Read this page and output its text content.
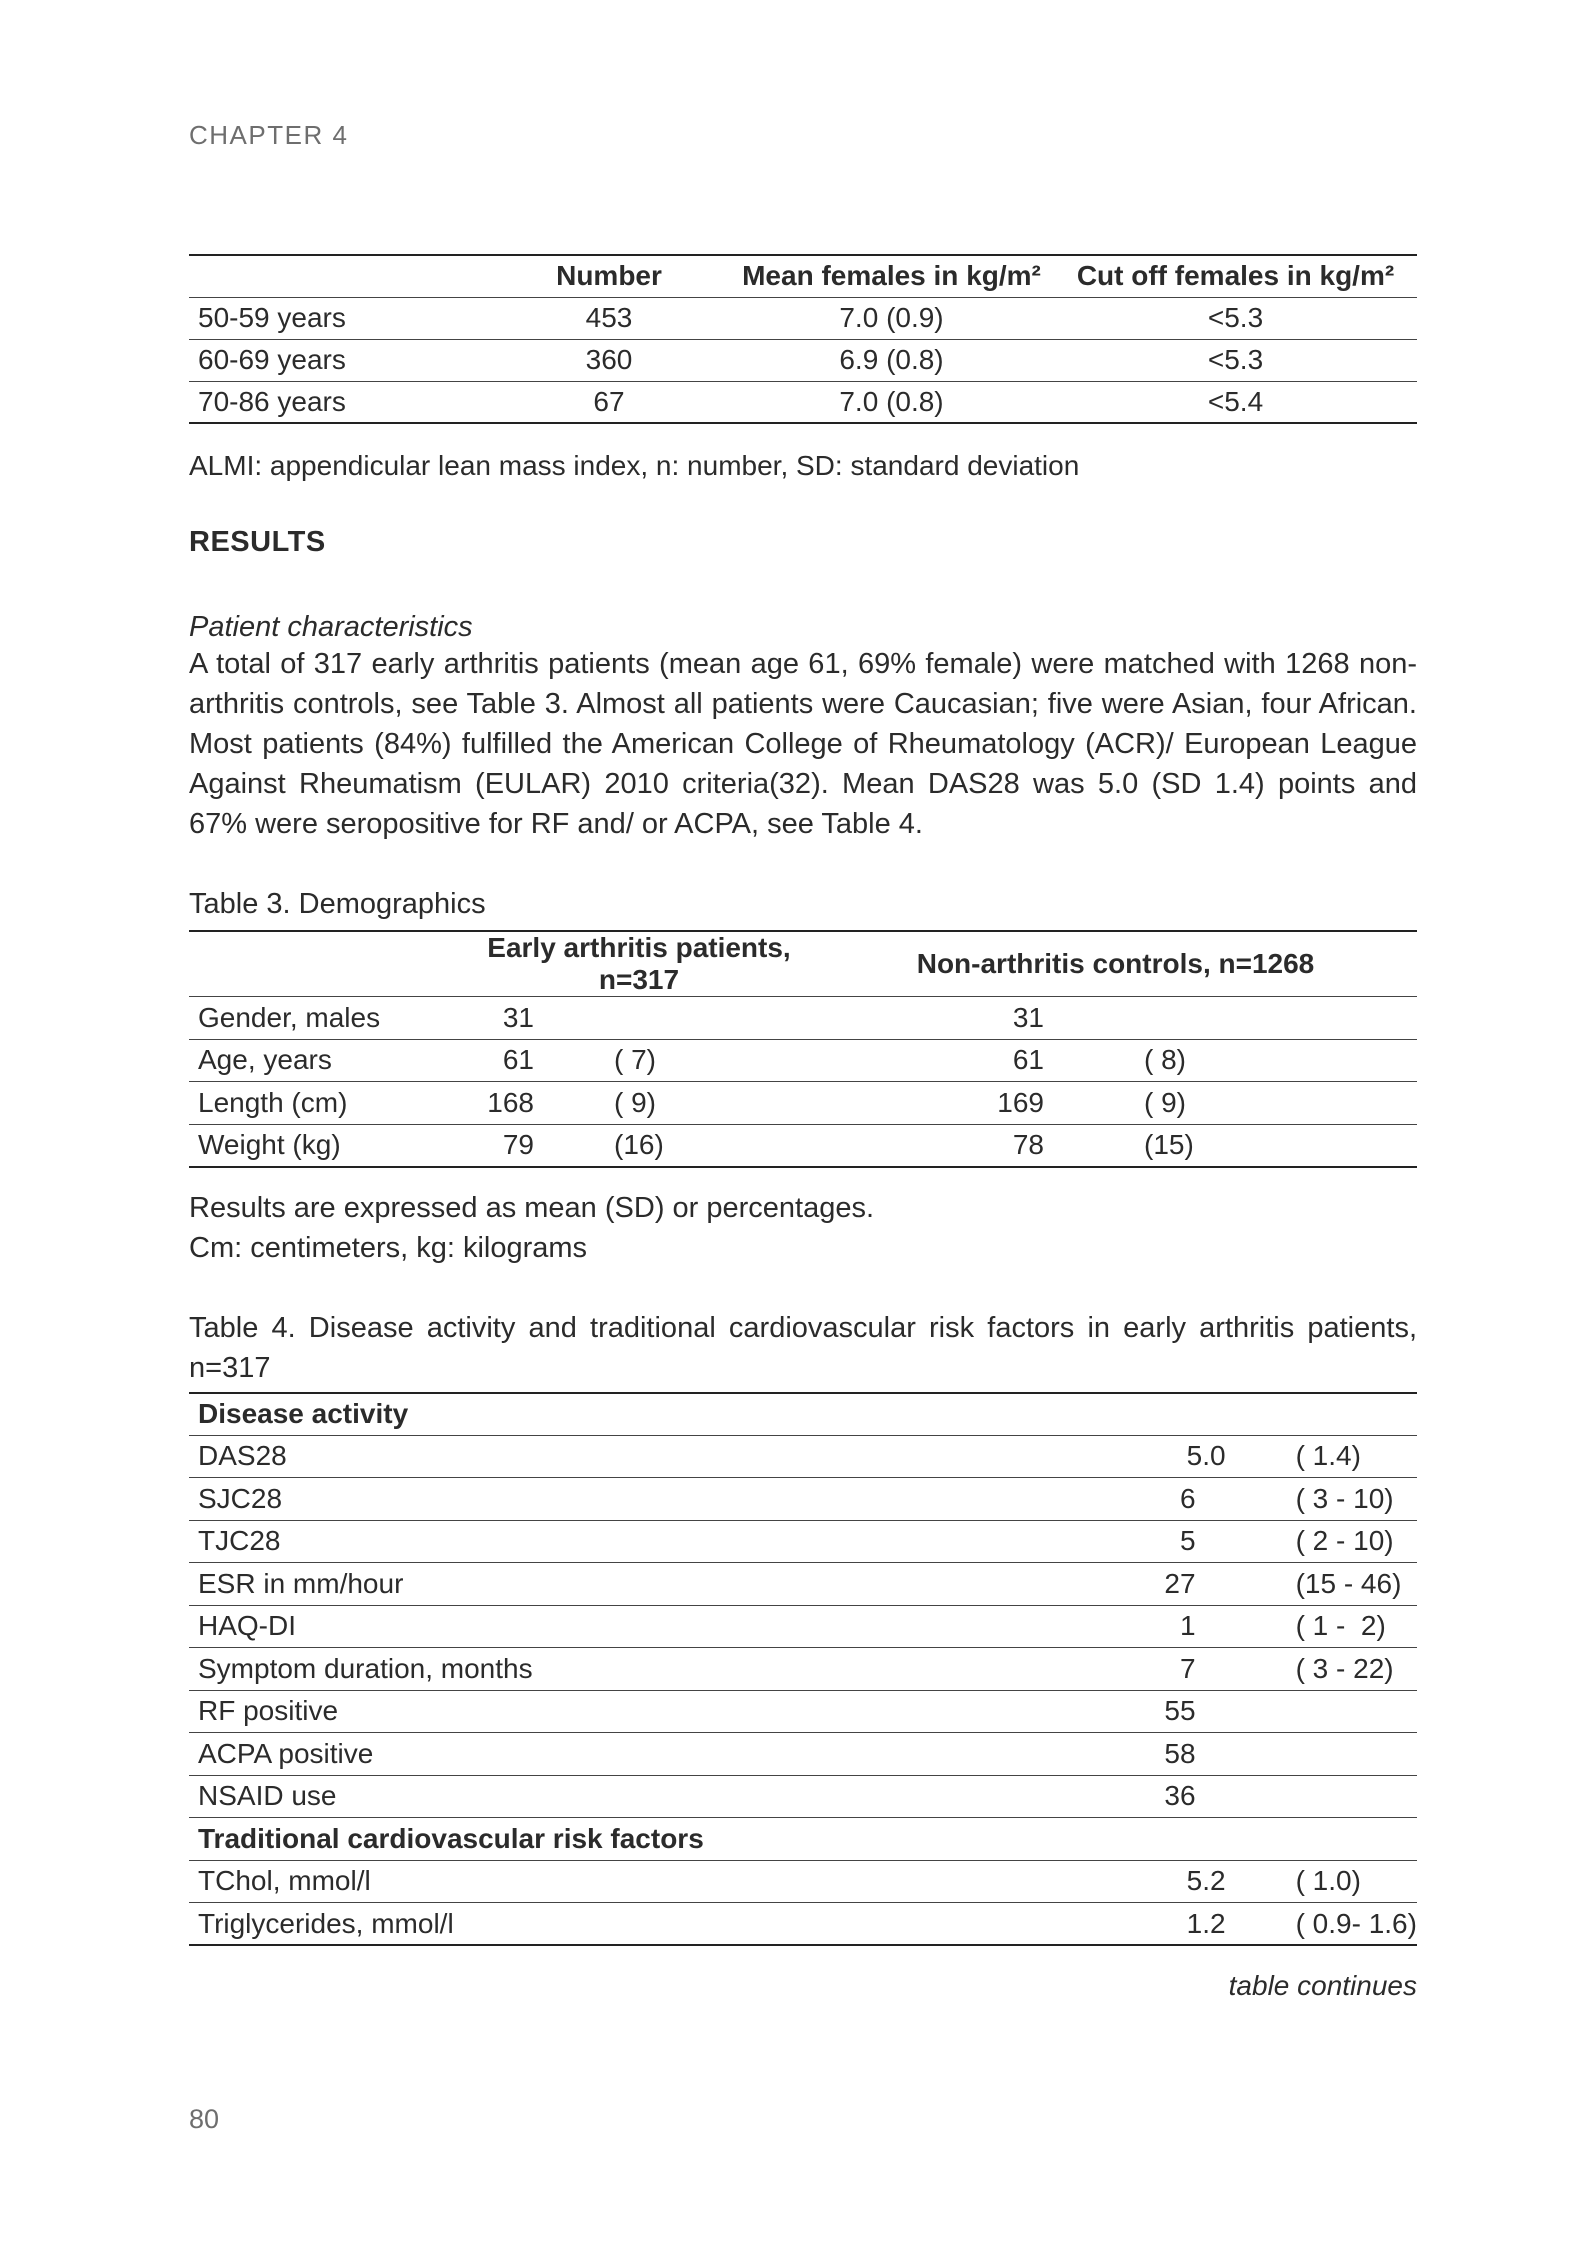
CHAPTER 4
	Number	Mean females in kg/m²	Cut off females in kg/m²
50-59 years	453	7.0 (0.9)	<5.3
60-69 years	360	6.9 (0.8)	<5.3
70-86 years	67	7.0 (0.8)	<5.4
ALMI: appendicular lean mass index, n: number, SD: standard deviation
RESULTS
Patient characteristics
A total of 317 early arthritis patients (mean age 61, 69% female) were matched with 1268 non-arthritis controls, see Table 3. Almost all patients were Caucasian; five were Asian, four African. Most patients (84%) fulfilled the American College of Rheumatology (ACR)/ European League Against Rheumatism (EULAR) 2010 criteria(32). Mean DAS28 was 5.0 (SD 1.4) points and 67% were seropositive for RF and/ or ACPA, see Table 4.
Table 3. Demographics
	Early arthritis patients, n=317			Non-arthritis controls, n=1268	
Gender, males	31			31	
Age, years	61	( 7)		61	( 8)
Length (cm)	168	( 9)		169	( 9)
Weight (kg)	79	(16)		78	(15)
Results are expressed as mean (SD) or percentages.
Cm: centimeters, kg: kilograms
Table 4. Disease activity and traditional cardiovascular risk factors in early arthritis patients, n=317
Disease activity		
DAS28	5.0	( 1.4)
SJC28	6	( 3 - 10)
TJC28	5	( 2 - 10)
ESR in mm/hour	27	(15 - 46)
HAQ-DI	1	( 1 -  2)
Symptom duration, months	7	( 3 - 22)
RF positive	55	
ACPA positive	58	
NSAID use	36	
Traditional cardiovascular risk factors		
TChol, mmol/l	5.2	( 1.0)
Triglycerides, mmol/l	1.2	( 0.9- 1.6)
table continues
80
